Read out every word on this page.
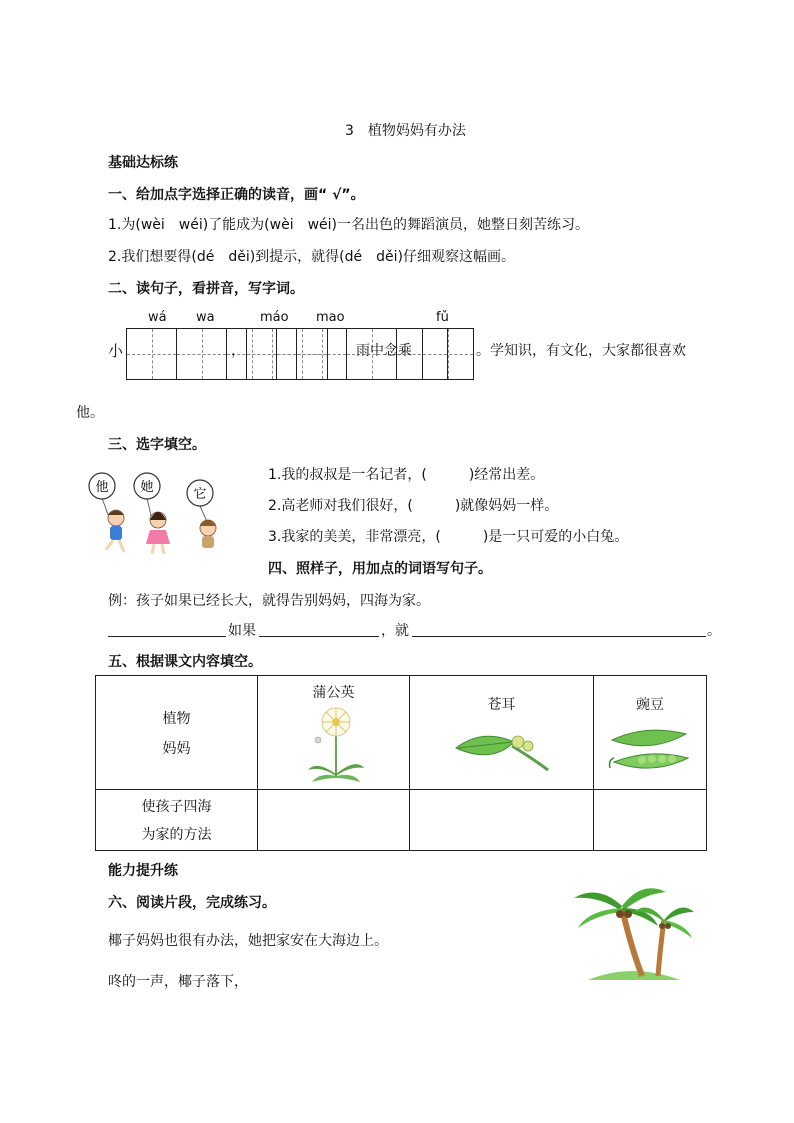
3　植物妈妈有办法
基础达标练
一、给加点字选择正确的读音，画“ √”。
1.为(wèi　wéi)了能成为(wèi　wéi)一名出色的舞蹈演员，她整日刻苦练习。
2.我们想要得(dé　děi)到提示，就得(dé　děi)仔细观察这幅画。
二、读句子，看拼音，写字词。
wá wa	máo mao	fǔ
小	，	雨中念乘	。学知识，有文化，大家都很喜欢
他。
三、选字填空。
他 她	它
1.我的叔叔是一名记者，(　　　)经常出差。
2.高老师对我们很好，(　　　)就像妈妈一样。
3.我家的美美，非常漂亮，(　　　)是一只可爱的小白兔。
四、照样子，用加点的词语写句子。
例：孩子如果已经长大，就得告别妈妈，四海为家。
如果	，就	。
五、根据课文内容填空。
植物
妈妈	蒲公英	苍耳	豌豆

使孩子四海
为家的方法			

能力提升练
六、阅读片段，完成练习。
椰子妈妈也很有办法，她把家安在大海边上。
咚的一声，椰子落下，
